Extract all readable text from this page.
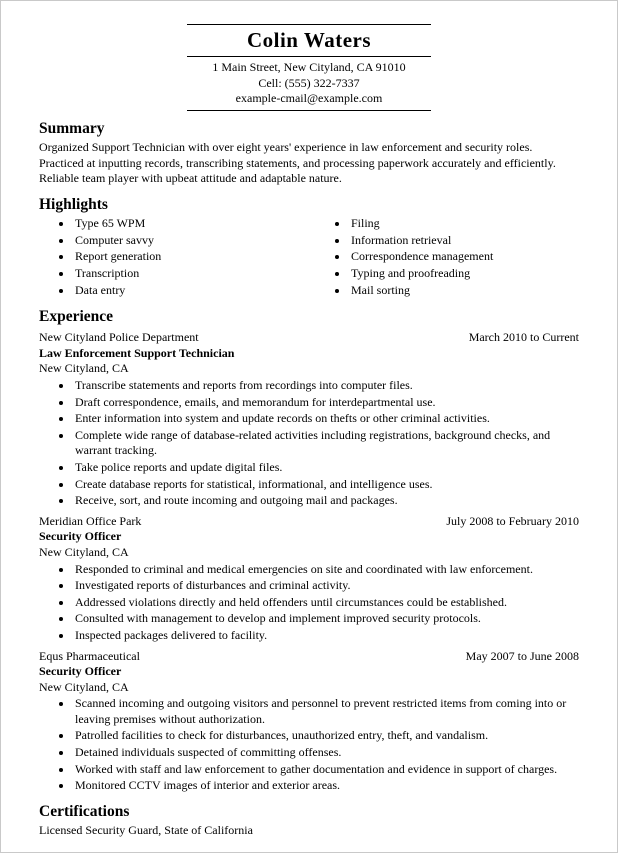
Colin Waters
1 Main Street, New Cityland, CA 91010
Cell: (555) 322-7337
example-cmail@example.com
Summary

Organized Support Technician with over eight years' experience in law enforcement and security roles. Practiced at inputting records, transcribing statements, and processing paperwork accurately and efficiently. Reliable team player with upbeat attitude and adaptable nature.

Highlights
• Type 65 WPM
• Computer savvy
• Report generation
• Transcription
• Data entry
• Filing
• Information retrieval
• Correspondence management
• Typing and proofreading
• Mail sorting
Experience
New Cityland Police Department	March 2010 to Current
Law Enforcement Support Technician
New Cityland, CA
• Transcribe statements and reports from recordings into computer files.
• Draft correspondence, emails, and memorandum for interdepartmental use.
• Enter information into system and update records on thefts or other criminal activities.
• Complete wide range of database-related activities including registrations, background checks, and warrant tracking.
• Take police reports and update digital files.
• Create database reports for statistical, informational, and intelligence uses.
• Receive, sort, and route incoming and outgoing mail and packages.
Meridian Office Park	July 2008 to February 2010
Security Officer
New Cityland, CA
• Responded to criminal and medical emergencies on site and coordinated with law enforcement.
• Investigated reports of disturbances and criminal activity.
• Addressed violations directly and held offenders until circumstances could be established.
• Consulted with management to develop and implement improved security protocols.
• Inspected packages delivered to facility.
Equs Pharmaceutical	May 2007 to June 2008
Security Officer
New Cityland, CA
• Scanned incoming and outgoing visitors and personnel to prevent restricted items from coming into or leaving premises without authorization.
• Patrolled facilities to check for disturbances, unauthorized entry, theft, and vandalism.
• Detained individuals suspected of committing offenses.
• Worked with staff and law enforcement to gather documentation and evidence in support of charges.
• Monitored CCTV images of interior and exterior areas.
Certifications

Licensed Security Guard, State of California
